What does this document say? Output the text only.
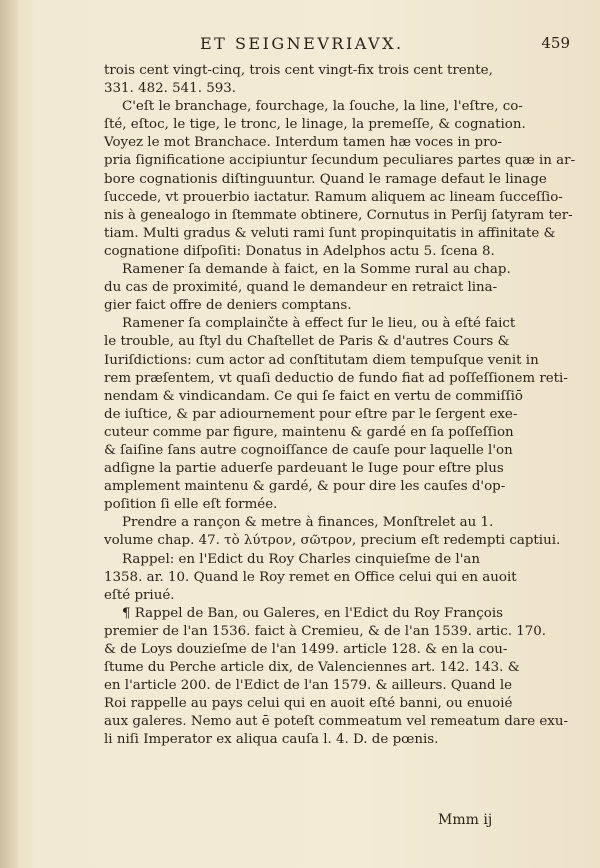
ET SEIGNEVRIAVX.	459

trois cent vingt-cinq, trois cent vingt-fix trois cent trente,
331. 482. 541. 593.

C'eſt le branchage, fourchage, la ſouche, la line, l'eſtre, co-
ſté, eſtoc, le tige, le tronc, le linage, la premeſſe, & cognation.
Voyez le mot Branchace. Interdum tamen hæ voces in pro-
pria ſignificatione accipiuntur ſecundum peculiares partes quæ in ar-
bore cognationis diſtinguuntur. Quand le ramage defaut le linage
ſuccede, vt prouerbio iactatur. Ramum aliquem ac lineam ſucceſſio-
nis à genealogo in ſtemmate obtinere, Cornutus in Perſij ſatyram ter-
tiam. Multi gradus & veluti rami ſunt propinquitatis in affinitate &
cognatione diſpoſiti: Donatus in Adelphos actu 5. ſcena 8.

Ramener ſa demande à faict, en la Somme rural au chap.
du cas de proximité, quand le demandeur en retraict lina-
gier faict offre de deniers comptans.

Ramener ſa complainčte à effect ſur le lieu, ou à eſté faict
le trouble, au ſtyl du Chaſtellet de Paris & d'autres Cours &
Iuriſdictions: cum actor ad conſtitutam diem tempuſque venit in
rem præſentem, vt quaſi deductio de fundo fiat ad poſſeſſionem reti-
nendam & vindicandam. Ce qui ſe faict en vertu de commiſſiō
de iuſtice, & par adiournement pour eſtre par le ſergent exe-
cuteur comme par figure, maintenu & gardé en ſa poſſeſſion
& ſaiſine ſans autre cognoiſſance de cauſe pour laquelle l'on
adſigne la partie aduerſe pardeuant le Iuge pour eſtre plus
amplement maintenu & gardé, & pour dire les cauſes d'op-
poſition ſi elle eſt formée.

Prendre a rançon & metre à finances, Monſtrelet au 1.
volume chap. 47. τὸ λύτρον, σῶτρον, precium eſt redempti captiui.

Rappel: en l'Edict du Roy Charles cinquieſme de l'an
1358. ar. 10. Quand le Roy remet en Office celui qui en auoit
eſté priué.

¶ Rappel de Ban, ou Galeres, en l'Edict du Roy François
premier de l'an 1536. faict à Cremieu, & de l'an 1539. artic. 170.
& de Loys douzieſme de l'an 1499. article 128. & en la cou-
ſtume du Perche article dix, de Valenciennes art. 142. 143. &
en l'article 200. de l'Edict de l'an 1579. & ailleurs. Quand le
Roi rappelle au pays celui qui en auoit eſté banni, ou enuoié
aux galeres. Nemo aut ē poteſt commeatum vel remeatum dare exu-
li niſi Imperator ex aliqua cauſa l. 4. D. de pœnis.

Mmm ij
